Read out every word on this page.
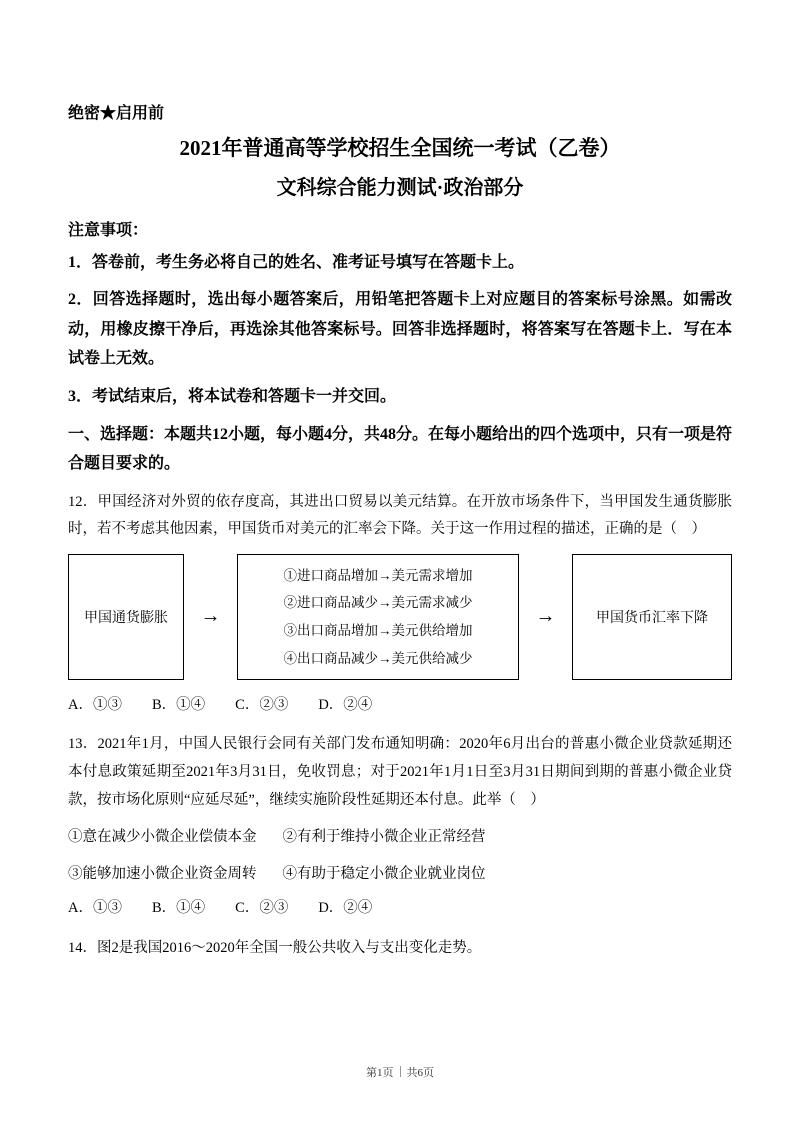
绝密★启用前
2021年普通高等学校招生全国统一考试（乙卷）
文科综合能力测试·政治部分
注意事项：

1．答卷前，考生务必将自己的姓名、准考证号填写在答题卡上。

2．回答选择题时，选出每小题答案后，用铅笔把答题卡上对应题目的答案标号涂黑。如需改动，用橡皮擦干净后，再选涂其他答案标号。回答非选择题时，将答案写在答题卡上．写在本试卷上无效。

3．考试结束后，将本试卷和答题卡一并交回。

一、选择题：本题共12小题，每小题4分，共48分。在每小题给出的四个选项中，只有一项是符合题目要求的。

12．甲国经济对外贸的依存度高，其进出口贸易以美元结算。在开放市场条件下，当甲国发生通货膨胀时，若不考虑其他因素，甲国货币对美元的汇率会下降。关于这一作用过程的描述，正确的是（　）

甲国通货膨胀	→
①进口商品增加→美元需求增加
②进口商品减少→美元需求减少
③出口商品增加→美元供给增加
④出口商品减少→美元供给减少
→	甲国货币汇率下降

A．①③ B．①④ C．②③ D．②④

13．2021年1月，中国人民银行会同有关部门发布通知明确：2020年6月出台的普惠小微企业贷款延期还本付息政策延期至2021年3月31日，免收罚息；对于2021年1月1日至3月31日期间到期的普惠小微企业贷款，按市场化原则“应延尽延”，继续实施阶段性延期还本付息。此举（　）

①意在减少小微企业偿债本金 ②有利于维持小微企业正常经营

③能够加速小微企业资金周转 ④有助于稳定小微企业就业岗位

A．①③ B．①④ C．②③ D．②④

14．图2是我国2016～2020年全国一般公共收入与支出变化走势。

第1页 共6页
